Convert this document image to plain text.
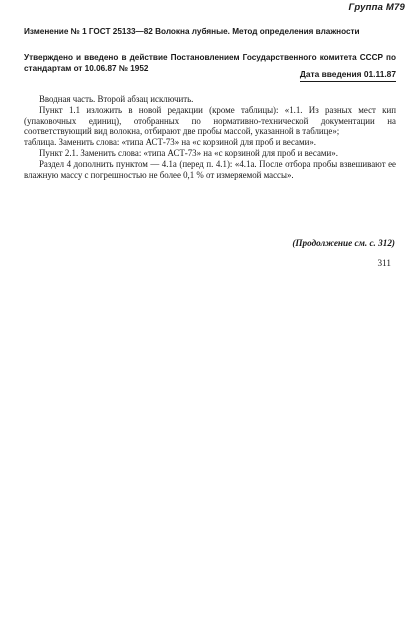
Группа М79
Изменение № 1 ГОСТ 25133—82 Волокна лубяные. Метод определения влажности
Утверждено и введено в действие Постановлением Государственного комитета СССР по стандартам от 10.06.87 № 1952
Дата введения 01.11.87

Вводная часть. Второй абзац исключить.

Пункт 1.1 изложить в новой редакции (кроме таблицы): «1.1. Из разных мест кип (упаковочных единиц), отобранных по нормативно-технической документации на соответствующий вид волокна, отбирают две пробы массой, указанной в таблице»;

таблица. Заменить слова: «типа АСТ-73» на «с корзиной для проб и весами».

Пункт 2.1. Заменить слова: «типа АСТ-73» на «с корзиной для проб и весами».

Раздел 4 дополнить пунктом — 4.1а (перед п. 4.1): «4.1а. После отбора пробы взвешивают ее влажную массу с погрешностью не более 0,1 % от измеряемой массы».

(Продолжение см. с. 312)
311
